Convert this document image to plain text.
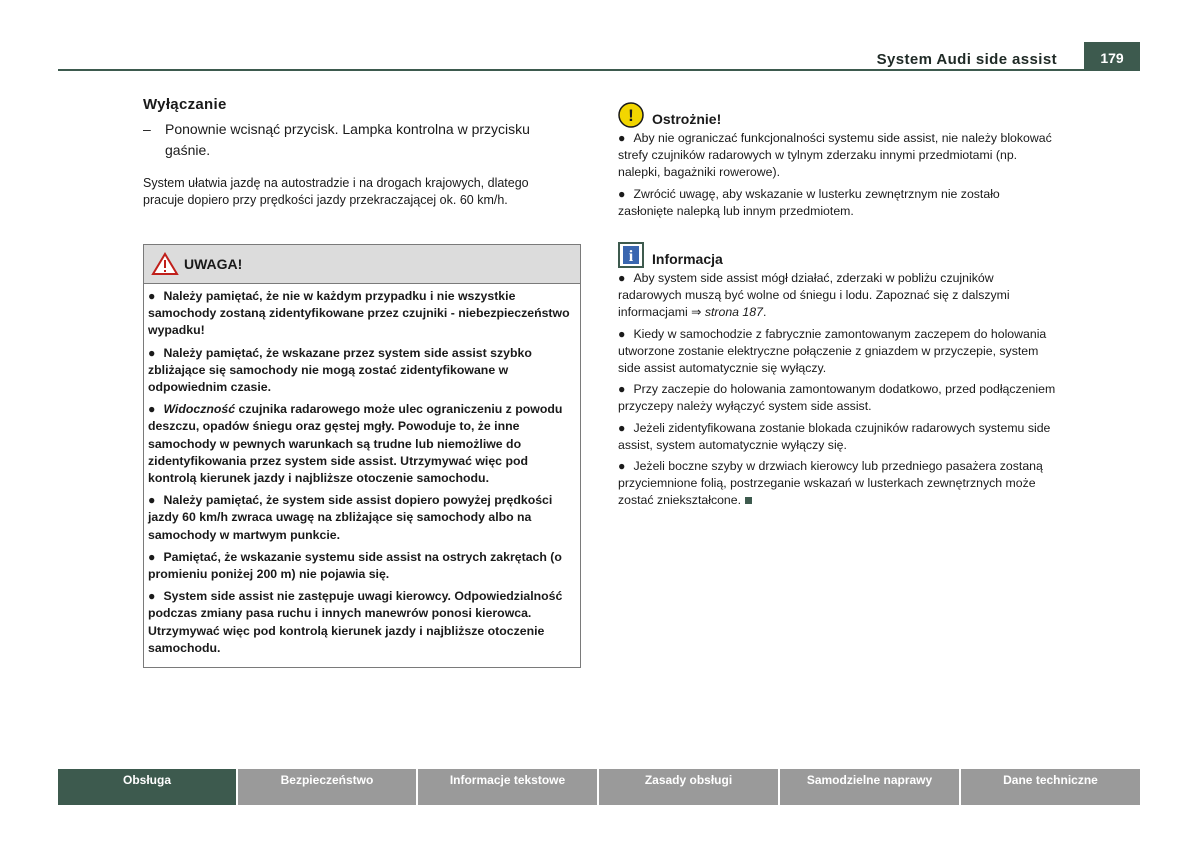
System Audi side assist	179
Wyłączanie
– Ponownie wcisnąć przycisk. Lampka kontrolna w przycisku gaśnie.
System ułatwia jazdę na autostradzie i na drogach krajowych, dlatego pracuje dopiero przy prędkości jazdy przekraczającej ok. 60 km/h.
UWAGA!
● Należy pamiętać, że nie w każdym przypadku i nie wszystkie samochody zostaną zidentyfikowane przez czujniki - niebezpieczeństwo wypadku!
● Należy pamiętać, że wskazane przez system side assist szybko zbliżające się samochody nie mogą zostać zidentyfikowane w odpowiednim czasie.
● Widoczność czujnika radarowego może ulec ograniczeniu z powodu deszczu, opadów śniegu oraz gęstej mgły. Powoduje to, że inne samochody w pewnych warunkach są trudne lub niemożliwe do zidentyfikowania przez system side assist. Utrzymywać więc pod kontrolą kierunek jazdy i najbliższe otoczenie samochodu.
● Należy pamiętać, że system side assist dopiero powyżej prędkości jazdy 60 km/h zwraca uwagę na zbliżające się samochody albo na samochody w martwym punkcie.
● Pamiętać, że wskazanie systemu side assist na ostrych zakrętach (o promieniu poniżej 200 m) nie pojawia się.
● System side assist nie zastępuje uwagi kierowcy. Odpowiedzialność podczas zmiany pasa ruchu i innych manewrów ponosi kierowca. Utrzymywać więc pod kontrolą kierunek jazdy i najbliższe otoczenie samochodu.
! Ostrożnie!
● Aby nie ograniczać funkcjonalności systemu side assist, nie należy blokować strefy czujników radarowych w tylnym zderzaku innymi przedmiotami (np. nalepki, bagażniki rowerowe).
● Zwrócić uwagę, aby wskazanie w lusterku zewnętrznym nie zostało zasłonięte nalepką lub innym przedmiotem.
i Informacja
● Aby system side assist mógł działać, zderzaki w pobliżu czujników radarowych muszą być wolne od śniegu i lodu. Zapoznać się z dalszymi informacjami ⇒ strona 187.
● Kiedy w samochodzie z fabrycznie zamontowanym zaczepem do holowania utworzone zostanie elektryczne połączenie z gniazdem w przyczepie, system side assist automatycznie się wyłączy.
● Przy zaczepie do holowania zamontowanym dodatkowo, przed podłączeniem przyczepy należy wyłączyć system side assist.
● Jeżeli zidentyfikowana zostanie blokada czujników radarowych systemu side assist, system automatycznie wyłączy się.
● Jeżeli boczne szyby w drzwiach kierowcy lub przedniego pasażera zostaną przyciemnione folią, postrzeganie wskazań w lusterkach zewnętrznych może zostać zniekształcone.
Obsługa	Bezpieczeństwo	Informacje tekstowe	Zasady obsługi	Samodzielne naprawy	Dane techniczne
